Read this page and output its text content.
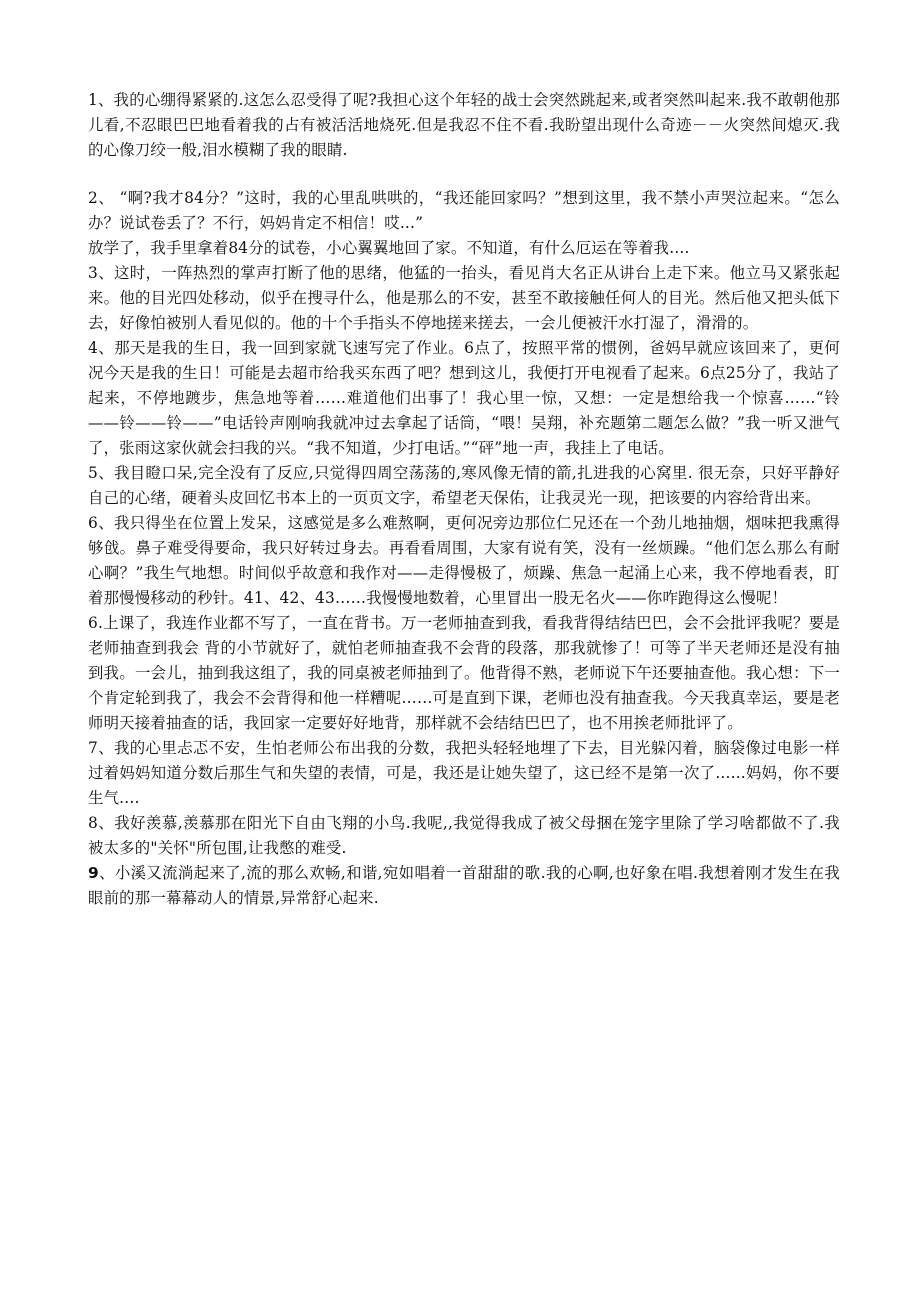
1、我的心绷得紧紧的.这怎么忍受得了呢?我担心这个年轻的战士会突然跳起来,或者突然叫起来.我不敢朝他那儿看,不忍眼巴巴地看着我的占有被活活地烧死.但是我忍不住不看.我盼望出现什么奇迹－－火突然间熄灭.我的心像刀绞一般,泪水模糊了我的眼睛.

2、 “啊?我才84分？”这时，我的心里乱哄哄的，“我还能回家吗？”想到这里，我不禁小声哭泣起来。“怎么办？说试卷丢了？不行，妈妈肯定不相信！哎...”

放学了，我手里拿着84分的试卷，小心翼翼地回了家。不知道，有什么厄运在等着我....

3、这时，一阵热烈的掌声打断了他的思绪，他猛的一抬头，看见肖大名正从讲台上走下来。他立马又紧张起来。他的目光四处移动，似乎在搜寻什么，他是那么的不安，甚至不敢接触任何人的目光。然后他又把头低下去，好像怕被别人看见似的。他的十个手指头不停地搓来搓去，一会儿便被汗水打湿了，滑滑的。

4、那天是我的生日，我一回到家就飞速写完了作业。6点了，按照平常的惯例，爸妈早就应该回来了，更何况今天是我的生日！可能是去超市给我买东西了吧？想到这儿，我便打开电视看了起来。6点25分了，我站了起来，不停地踱步，焦急地等着……难道他们出事了！我心里一惊，又想：一定是想给我一个惊喜……“铃——铃——铃——”电话铃声刚响我就冲过去拿起了话筒，“喂！吴翔，补充题第二题怎么做？”我一听又泄气了，张雨这家伙就会扫我的兴。“我不知道，少打电话。”“砰”地一声，我挂上了电话。

5、我目瞪口呆,完全没有了反应,只觉得四周空荡荡的,寒风像无情的箭,扎进我的心窝里. 很无奈，只好平静好自己的心绪，硬着头皮回忆书本上的一页页文字，希望老天保佑，让我灵光一现，把该要的内容给背出来。

6、我只得坐在位置上发呆，这感觉是多么难熬啊，更何况旁边那位仁兄还在一个劲儿地抽烟，烟味把我熏得够戗。鼻子难受得要命，我只好转过身去。再看看周围，大家有说有笑，没有一丝烦躁。“他们怎么那么有耐心啊？”我生气地想。时间似乎故意和我作对——走得慢极了，烦躁、焦急一起涌上心来，我不停地看表，盯着那慢慢移动的秒针。41、42、43……我慢慢地数着，心里冒出一股无名火——你咋跑得这么慢呢！

6.上课了，我连作业都不写了，一直在背书。万一老师抽查到我，看我背得结结巴巴，会不会批评我呢？要是老师抽查到我会 背的小节就好了，就怕老师抽查我不会背的段落，那我就惨了！可等了半天老师还是没有抽到我。一会儿，抽到我这组了，我的同桌被老师抽到了。他背得不熟，老师说下午还要抽查他。我心想：下一个肯定轮到我了，我会不会背得和他一样糟呢……可是直到下课，老师也没有抽查我。今天我真幸运，要是老师明天接着抽查的话，我回家一定要好好地背，那样就不会结结巴巴了，也不用挨老师批评了。

7、我的心里忐忑不安，生怕老师公布出我的分数，我把头轻轻地埋了下去，目光躲闪着，脑袋像过电影一样过着妈妈知道分数后那生气和失望的表情，可是，我还是让她失望了，这已经不是第一次了......妈妈，你不要生气....

8、我好羡慕,羡慕那在阳光下自由飞翔的小鸟.我呢,,我觉得我成了被父母捆在笼字里除了学习啥都做不了.我被太多的"关怀"所包围,让我憋的难受.

9、小溪又流淌起来了,流的那么欢畅,和谐,宛如唱着一首甜甜的歌.我的心啊,也好象在唱.我想着刚才发生在我眼前的那一幕幕动人的情景,异常舒心起来.
